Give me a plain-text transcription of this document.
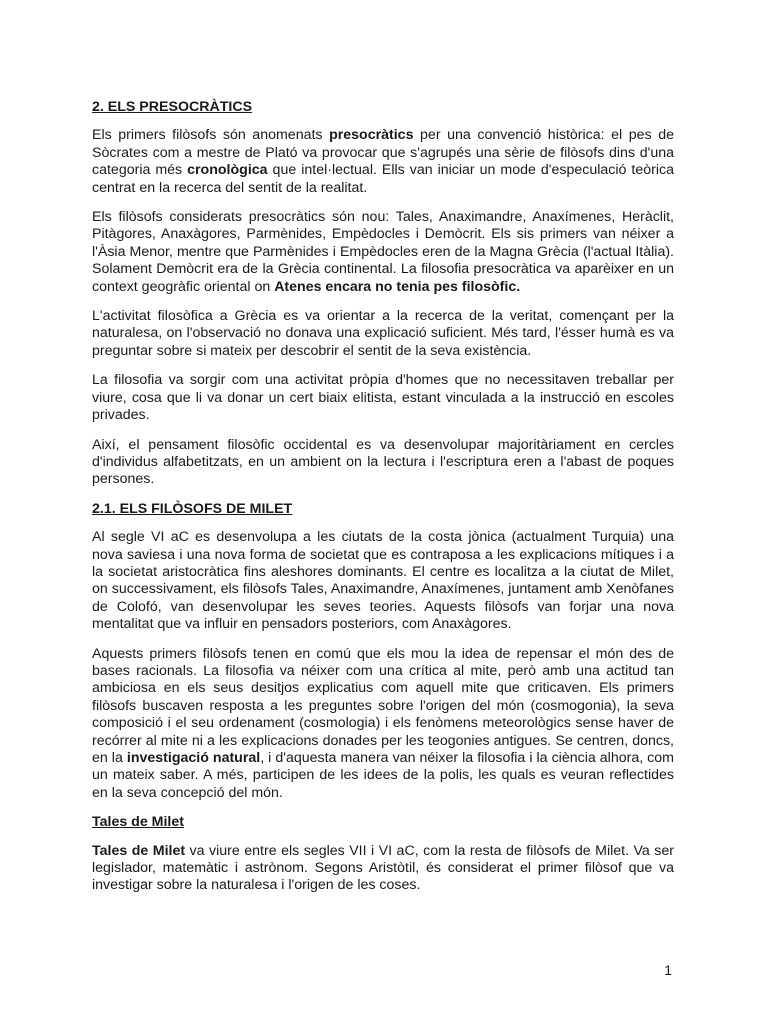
2. ELS PRESOCRÀTICS

Els primers filòsofs són anomenats presocràtics per una convenció històrica: el pes de Sòcrates com a mestre de Plató va provocar que s'agrupés una sèrie de filòsofs dins d'una categoria més cronològica que intel·lectual. Ells van iniciar un mode d'especulació teòrica centrat en la recerca del sentit de la realitat.

Els filòsofs considerats presocràtics són nou: Tales, Anaximandre, Anaxímenes, Heràclit, Pitàgores, Anaxàgores, Parmènides, Empèdocles i Demòcrit. Els sis primers van néixer a l'Àsia Menor, mentre que Parmènides i Empèdocles eren de la Magna Grècia (l'actual Itàlia). Solament Demòcrit era de la Grècia continental. La filosofia presocràtica va aparèixer en un context geogràfic oriental on Atenes encara no tenia pes filosòfic.

L'activitat filosòfica a Grècia es va orientar a la recerca de la veritat, començant per la naturalesa, on l'observació no donava una explicació suficient. Més tard, l'ésser humà es va preguntar sobre si mateix per descobrir el sentit de la seva existència.

La filosofia va sorgir com una activitat pròpia d'homes que no necessitaven treballar per viure, cosa que li va donar un cert biaix elitista, estant vinculada a la instrucció en escoles privades.

Així, el pensament filosòfic occidental es va desenvolupar majoritàriament en cercles d'individus alfabetitzats, en un ambient on la lectura i l'escriptura eren a l'abast de poques persones.

2.1. ELS FILÒSOFS DE MILET

Al segle VI aC es desenvolupa a les ciutats de la costa jònica (actualment Turquia) una nova saviesa i una nova forma de societat que es contraposa a les explicacions mítiques i a la societat aristocràtica fins aleshores dominants. El centre es localitza a la ciutat de Milet, on successivament, els filòsofs Tales, Anaximandre, Anaxímenes, juntament amb Xenòfanes de Colofó, van desenvolupar les seves teories. Aquests filòsofs van forjar una nova mentalitat que va influir en pensadors posteriors, com Anaxàgores.

Aquests primers filòsofs tenen en comú que els mou la idea de repensar el món des de bases racionals. La filosofia va néixer com una crítica al mite, però amb una actitud tan ambiciosa en els seus desitjos explicatius com aquell mite que criticaven. Els primers filòsofs buscaven resposta a les preguntes sobre l'origen del món (cosmogonia), la seva composició i el seu ordenament (cosmologia) i els fenòmens meteorològics sense haver de recórrer al mite ni a les explicacions donades per les teogonies antigues. Se centren, doncs, en la investigació natural, i d'aquesta manera van néixer la filosofia i la ciència alhora, com un mateix saber. A més, participen de les idees de la polis, les quals es veuran reflectides en la seva concepció del món.

Tales de Milet

Tales de Milet va viure entre els segles VII i VI aC, com la resta de filòsofs de Milet. Va ser legislador, matemàtic i astrònom. Segons Aristòtil, és considerat el primer filòsof que va investigar sobre la naturalesa i l'origen de les coses.

1
